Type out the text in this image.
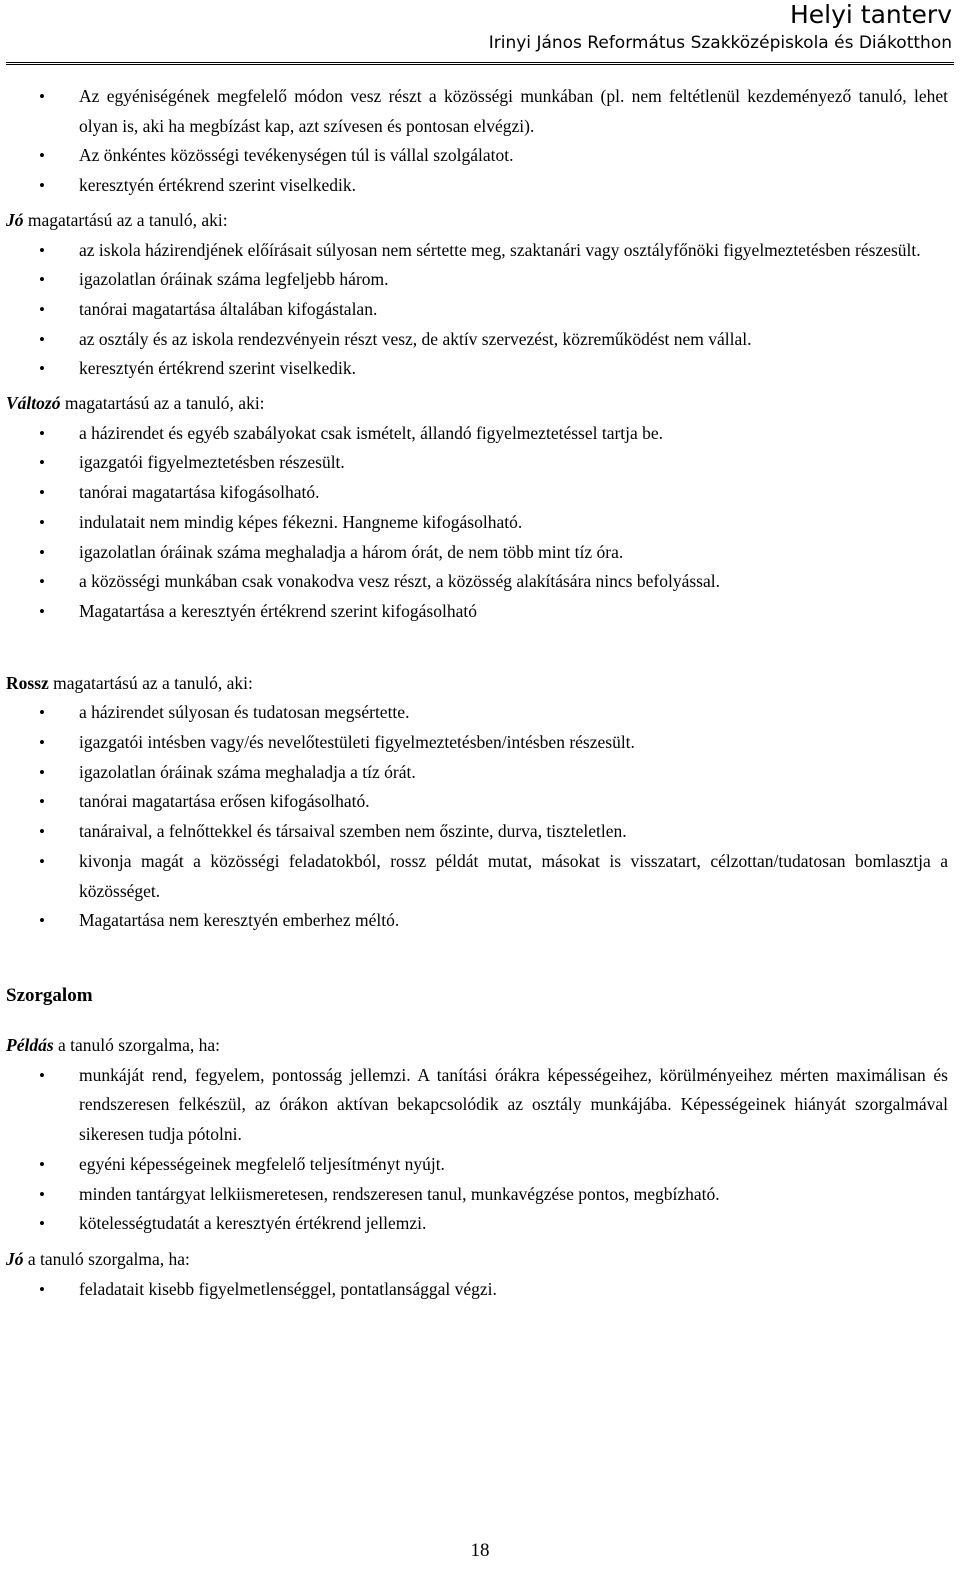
Helyi tanterv
Irinyi János Református Szakközépiskola és Diákotthon
• Az egyéniségének megfelelő módon vesz részt a közösségi munkában (pl. nem feltétlenül kezdeményező tanuló, lehet olyan is, aki ha megbízást kap, azt szívesen és pontosan elvégzi).
• Az önkéntes közösségi tevékenységen túl is vállal szolgálatot.
• keresztyén értékrend szerint viselkedik.

Jó magatartású az a tanuló, aki:

• az iskola házirendjének előírásait súlyosan nem sértette meg, szaktanári vagy osztályfőnöki figyelmeztetésben részesült.
• igazolatlan óráinak száma legfeljebb három.
• tanórai magatartása általában kifogástalan.
• az osztály és az iskola rendezvényein részt vesz, de aktív szervezést, közreműködést nem vállal.
• keresztyén értékrend szerint viselkedik.

Változó magatartású az a tanuló, aki:

• a házirendet és egyéb szabályokat csak ismételt, állandó figyelmeztetéssel tartja be.
• igazgatói figyelmeztetésben részesült.
• tanórai magatartása kifogásolható.
• indulatait nem mindig képes fékezni. Hangneme kifogásolható.
• igazolatlan óráinak száma meghaladja a három órát, de nem több mint tíz óra.
• a közösségi munkában csak vonakodva vesz részt, a közösség alakítására nincs befolyással.
• Magatartása a keresztyén értékrend szerint kifogásolható

Rossz magatartású az a tanuló, aki:

• a házirendet súlyosan és tudatosan megsértette.
• igazgatói intésben vagy/és nevelőtestületi figyelmeztetésben/intésben részesült.
• igazolatlan óráinak száma meghaladja a tíz órát.
• tanórai magatartása erősen kifogásolható.
• tanáraival, a felnőttekkel és társaival szemben nem őszinte, durva, tiszteletlen.
• kivonja magát a közösségi feladatokból, rossz példát mutat, másokat is visszatart, célzottan/tudatosan bomlasztja a közösséget.
• Magatartása nem keresztyén emberhez méltó.
Szorgalom

Példás a tanuló szorgalma, ha:

• munkáját rend, fegyelem, pontosság jellemzi. A tanítási órákra képességeihez, körülményeihez mérten maximálisan és rendszeresen felkészül, az órákon aktívan bekapcsolódik az osztály munkájába. Képességeinek hiányát szorgalmával sikeresen tudja pótolni.
• egyéni képességeinek megfelelő teljesítményt nyújt.
• minden tantárgyat lelkiismeretesen, rendszeresen tanul, munkavégzése pontos, megbízható.
• kötelességtudatát a keresztyén értékrend jellemzi.

Jó a tanuló szorgalma, ha:

• feladatait kisebb figyelmetlenséggel, pontatlansággal végzi.
18
